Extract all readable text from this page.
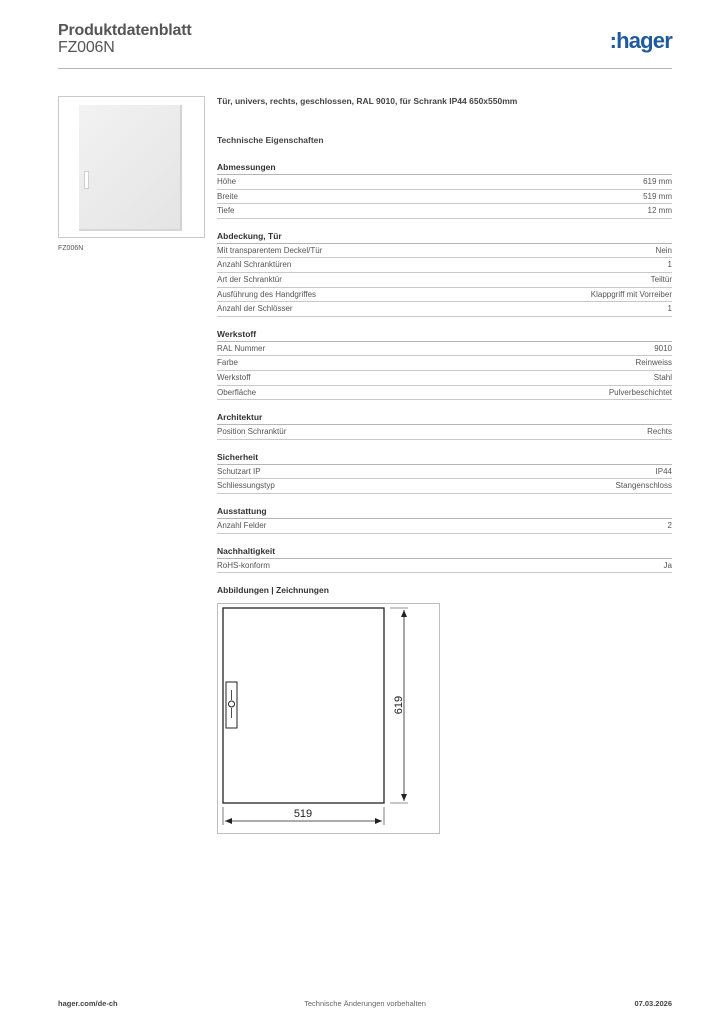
Produktdatenblatt
FZ006N	:hager
FZ006N
Tür, univers, rechts, geschlossen, RAL 9010, für Schrank IP44 650x550mm
Technische Eigenschaften
Abmessungen
Höhe	619 mm
Breite	519 mm
Tiefe	12 mm
Abdeckung, Tür
Mit transparentem Deckel/Tür	Nein
Anzahl Schranktüren	1
Art der Schranktür	Teiltür
Ausführung des Handgriffes	Klappgriff mit Vorreiber
Anzahl der Schlösser	1
Werkstoff
RAL Nummer	9010
Farbe	Reinweiss
Werkstoff	Stahl
Oberfläche	Pulverbeschichtet
Architektur
Position Schranktür	Rechts
Sicherheit
Schutzart IP	IP44
Schliessungstyp	Stangenschloss
Ausstattung
Anzahl Felder	2
Nachhaltigkeit
RoHS-konform	Ja
Abbildungen | Zeichnungen
619
519
hager.com/de-ch	Technische Änderungen vorbehalten	07.03.2026
